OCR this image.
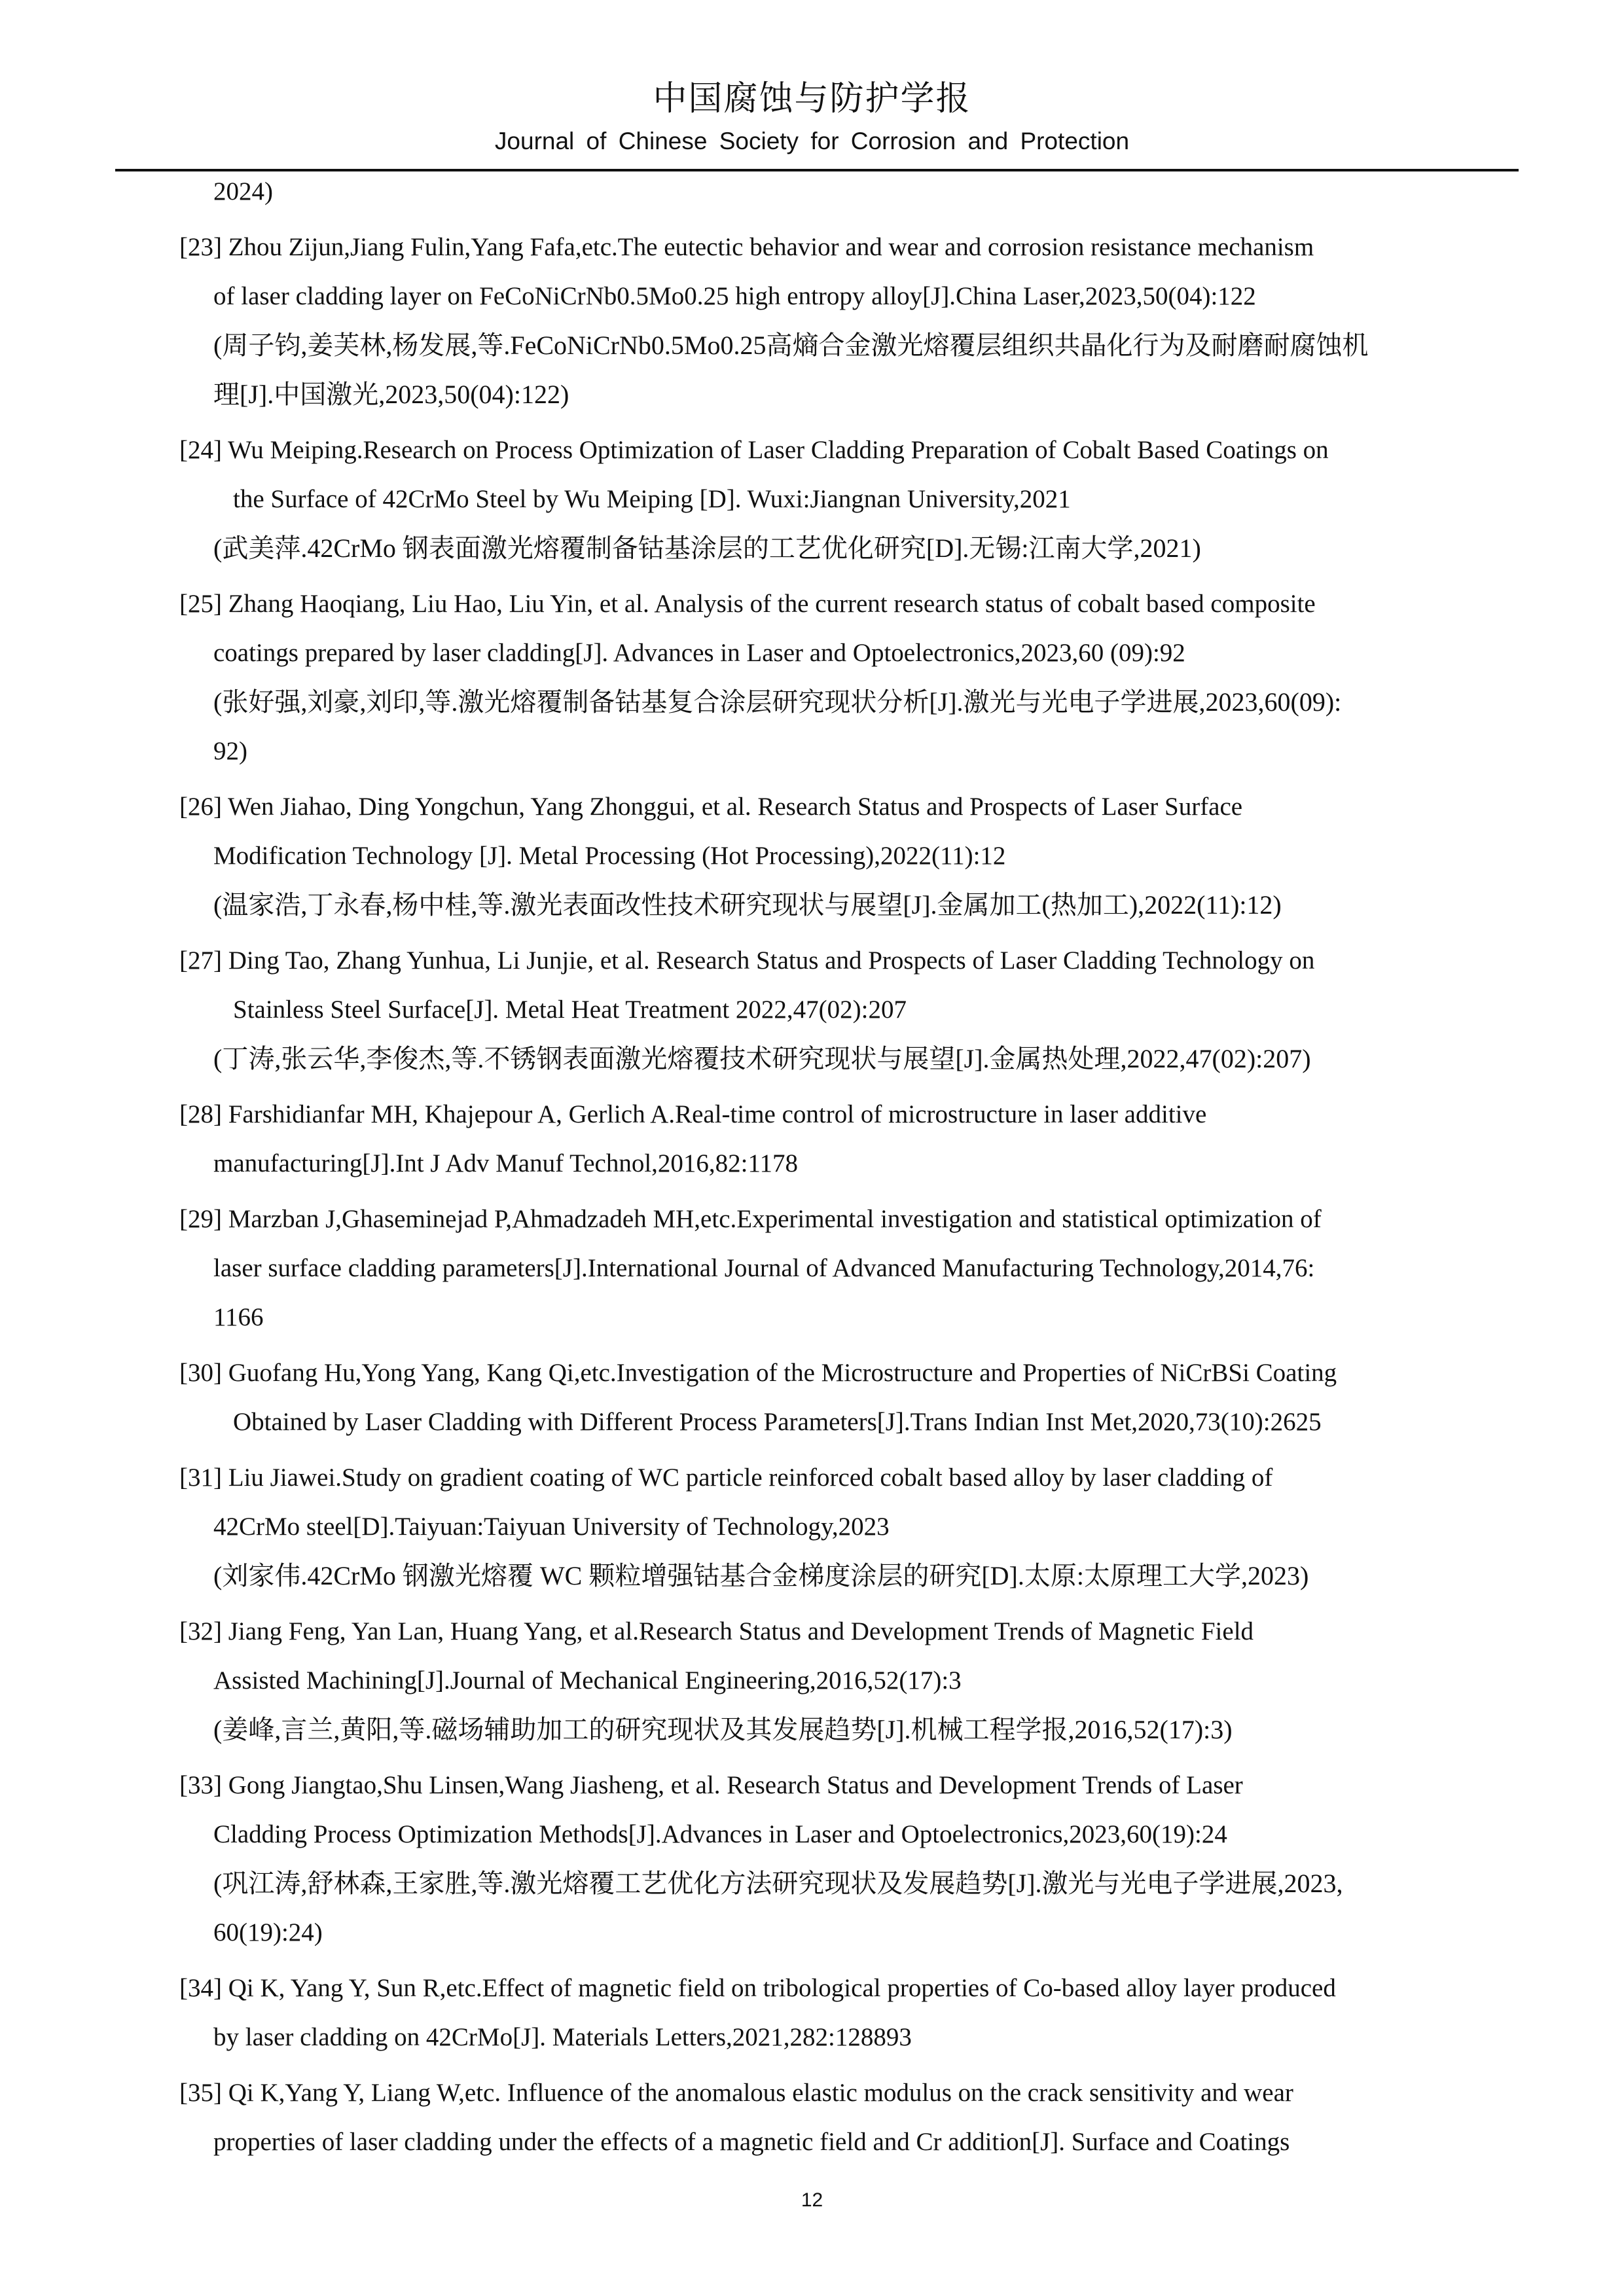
中国腐蚀与防护学报
Journal of Chinese Society for Corrosion and Protection
2024)
[23] Zhou Zijun,Jiang Fulin,Yang Fafa,etc.The eutectic behavior and wear and corrosion resistance mechanism
of laser cladding layer on FeCoNiCrNb0.5Mo0.25 high entropy alloy[J].China Laser,2023,50(04):122
(周子钧,姜芙林,杨发展,等.FeCoNiCrNb0.5Mo0.25高熵合金激光熔覆层组织共晶化行为及耐磨耐腐蚀机
理[J].中国激光,2023,50(04):122)
[24] Wu Meiping.Research on Process Optimization of Laser Cladding Preparation of Cobalt Based Coatings on
the Surface of 42CrMo Steel by Wu Meiping [D]. Wuxi:Jiangnan University,2021
(武美萍.42CrMo 钢表面激光熔覆制备钴基涂层的工艺优化研究[D].无锡:江南大学,2021)
[25] Zhang Haoqiang, Liu Hao, Liu Yin, et al. Analysis of the current research status of cobalt based composite
coatings prepared by laser cladding[J]. Advances in Laser and Optoelectronics,2023,60 (09):92
(张好强,刘豪,刘印,等.激光熔覆制备钴基复合涂层研究现状分析[J].激光与光电子学进展,2023,60(09):
92)
[26] Wen Jiahao, Ding Yongchun, Yang Zhonggui, et al. Research Status and Prospects of Laser Surface
Modification Technology [J]. Metal Processing (Hot Processing),2022(11):12
(温家浩,丁永春,杨中桂,等.激光表面改性技术研究现状与展望[J].金属加工(热加工),2022(11):12)
[27] Ding Tao, Zhang Yunhua, Li Junjie, et al. Research Status and Prospects of Laser Cladding Technology on
Stainless Steel Surface[J]. Metal Heat Treatment 2022,47(02):207
(丁涛,张云华,李俊杰,等.不锈钢表面激光熔覆技术研究现状与展望[J].金属热处理,2022,47(02):207)
[28] Farshidianfar MH, Khajepour A, Gerlich A.Real-time control of microstructure in laser additive
manufacturing[J].Int J Adv Manuf Technol,2016,82:1178
[29] Marzban J,Ghaseminejad P,Ahmadzadeh MH,etc.Experimental investigation and statistical optimization of
laser surface cladding parameters[J].International Journal of Advanced Manufacturing Technology,2014,76:
1166
[30] Guofang Hu,Yong Yang, Kang Qi,etc.Investigation of the Microstructure and Properties of NiCrBSi Coating
Obtained by Laser Cladding with Different Process Parameters[J].Trans Indian Inst Met,2020,73(10):2625
[31] Liu Jiawei.Study on gradient coating of WC particle reinforced cobalt based alloy by laser cladding of
42CrMo steel[D].Taiyuan:Taiyuan University of Technology,2023
(刘家伟.42CrMo 钢激光熔覆 WC 颗粒增强钴基合金梯度涂层的研究[D].太原:太原理工大学,2023)
[32] Jiang Feng, Yan Lan, Huang Yang, et al.Research Status and Development Trends of Magnetic Field
Assisted Machining[J].Journal of Mechanical Engineering,2016,52(17):3
(姜峰,言兰,黄阳,等.磁场辅助加工的研究现状及其发展趋势[J].机械工程学报,2016,52(17):3)
[33] Gong Jiangtao,Shu Linsen,Wang Jiasheng, et al. Research Status and Development Trends of Laser
Cladding Process Optimization Methods[J].Advances in Laser and Optoelectronics,2023,60(19):24
(巩江涛,舒林森,王家胜,等.激光熔覆工艺优化方法研究现状及发展趋势[J].激光与光电子学进展,2023,
60(19):24)
[34] Qi K, Yang Y, Sun R,etc.Effect of magnetic field on tribological properties of Co-based alloy layer produced
by laser cladding on 42CrMo[J]. Materials Letters,2021,282:128893
[35] Qi K,Yang Y, Liang W,etc. Influence of the anomalous elastic modulus on the crack sensitivity and wear
properties of laser cladding under the effects of a magnetic field and Cr addition[J]. Surface and Coatings
12
